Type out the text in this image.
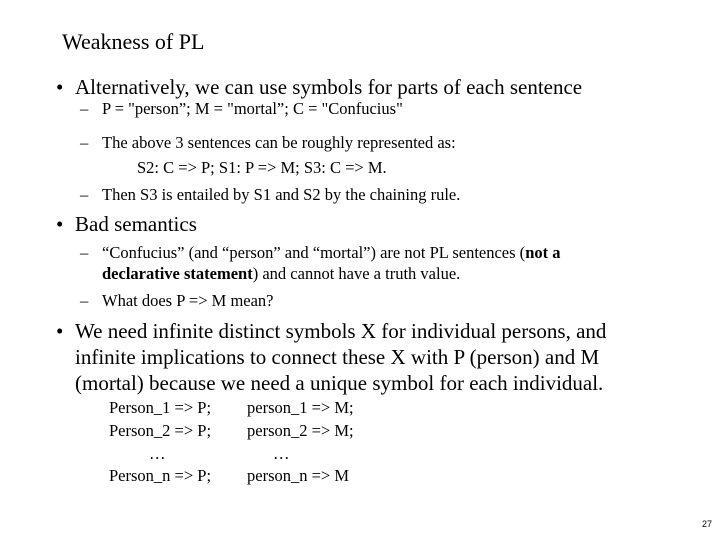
Weakness of PL
• Alternatively, we can use symbols for parts of each sentence
– P = "person”; M = "mortal”; C = "Confucius"
– The above 3 sentences can be roughly represented as:
S2: C => P; S1: P => M; S3: C => M.
– Then S3 is entailed by S1 and S2 by the chaining rule.
• Bad semantics
– “Confucius” (and “person” and “mortal”) are not PL sentences (not a
declarative statement) and cannot have a truth value.
– What does P => M mean?
• We need infinite distinct symbols X for individual persons, and
infinite implications to connect these X with P (person) and M
(mortal) because we need a unique symbol for each individual.
Person_1 => P; person_1 => M;
Person_2 => P; person_2 => M;
…	…
Person_n => P; person_n => M
27
